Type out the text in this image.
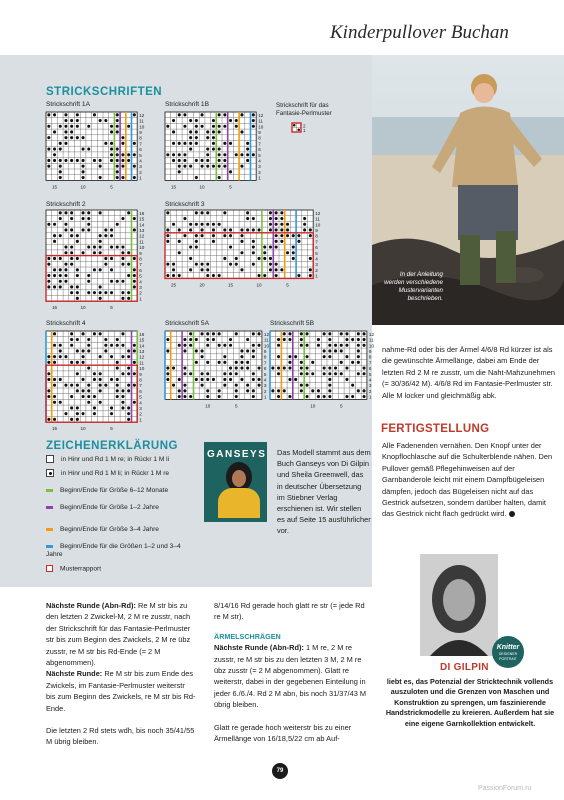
Kinderpullover Buchan
STRICKSCHRIFTEN
Strickschrift 1A	Strickschrift 1B	Strickschrift für das Fantasie-Perlmuster
Strickschrift 2	Strickschrift 3
Strickschrift 4	Strickschrift 5A	Strickschrift 5B
12
11
10
9
8
7
6
5
4
3
2
1
15	10	5
12
11
10
9
8
7
6
5
4
3
2
1
15	10	5
2
1
16
15
14
13
12
11
10
9
8
7
6
5
4
3
2
1
15	10	5
12
11
10
9
8
7
6
5
4
3
2
1
25	20	15	10	5
16
15
14
13
12
11
10
9
8
7
6
5
4
3
2
1
15	10	5
12
11
10
9
8
7
6
5
4
3
2
1
10	5
12
11
10
9
8
7
6
5
4
3
2
1
10	5
ZEICHENERKLÄRUNG
in Hinr und Rd 1 M re; in Rückr 1 M li
in Hinr und Rd 1 M li; in Rückr 1 M re
Beginn/Ende für Größe 6–12 Monate
Beginn/Ende für Größe 1–2 Jahre
Beginn/Ende für Größe 3–4 Jahre
Beginn/Ende für die Größen 1–2 und 3–4 Jahre
Musterrapport
GANSEYS Das Modell stammt aus dem Buch Ganseys von Di Gilpin und Sheila Greenwell, das in deutscher Übersetzung im Stiebner Verlag erschienen ist. Wir stellen es auf Seite 15 ausführlicher vor.
In der Anleitung werden verschiedene Mustervarianten beschrieben.
nahme-Rd oder bis der Ärmel 4/6/8 Rd kürzer ist als die gewünschte Ärmellänge, dabei am Ende der letzten Rd 2 M re zusstr, um die Naht-Mahzunehmen (= 30/36/42 M). 4/6/8 Rd im Fantasie-Perlmuster str. Alle M locker und gleichmäßig abk.
FERTIGSTELLUNG
Alle Fadenenden vernähen. Den Knopf unter der Knopflochlasche auf die Schulterblende nähen. Den Pullover gemäß Pflegehinweisen auf der Garnbanderole leicht mit einem Dampfbügeleisen dämpfen, jedoch das Bügeleisen nicht auf das Gestrick aufsetzen, sondern darüber halten, damit das Gestrick nicht flach gedrückt wird.
Nächste Runde (Abn-Rd): Re M str bis zu den letzten 2 Zwickel-M, 2 M re zusstr, nach der Strickschrift für das Fantasie-Perlmuster str bis zum Beginn des Zwickels, 2 M re übz zusstr, re M str bis Rd-Ende (= 2 M abgenommen).
Nächste Runde: Re M str bis zum Ende des Zwickels, im Fantasie-Perlmuster weiterstr bis zum Beginn des Zwickels, re M str bis Rd-Ende.
Die letzten 2 Rd stets wdh, bis noch 35/41/55 M übrig bleiben.
8/14/16 Rd gerade hoch glatt re str (= jede Rd re M str).
ÄRMELSCHRÄGEN
Nächste Runde (Abn-Rd): 1 M re, 2 M re zusstr, re M str bis zu den letzten 3 M, 2 M re übz zusstr (= 2 M abgenommen). Glatt re weiterstr, dabei in der gegebenen Einteilung in jeder 6./6./4. Rd 2 M abn, bis noch 31/37/43 M übrig bleiben.
Glatt re gerade hoch weiterstr bis zu einer Ärmellänge von 16/18,5/22 cm ab Auf-
Knitter
DESIGNER PORTRAIT
DI GILPIN
liebt es, das Potenzial der Stricktechnik vollends auszuloten und die Grenzen von Maschen und Konstruktion zu sprengen, um faszinierende Handstrickmodelle zu kreieren. Außerdem hat sie eine eigene Garnkollektion entwickelt.
79
PassionForum.ru
